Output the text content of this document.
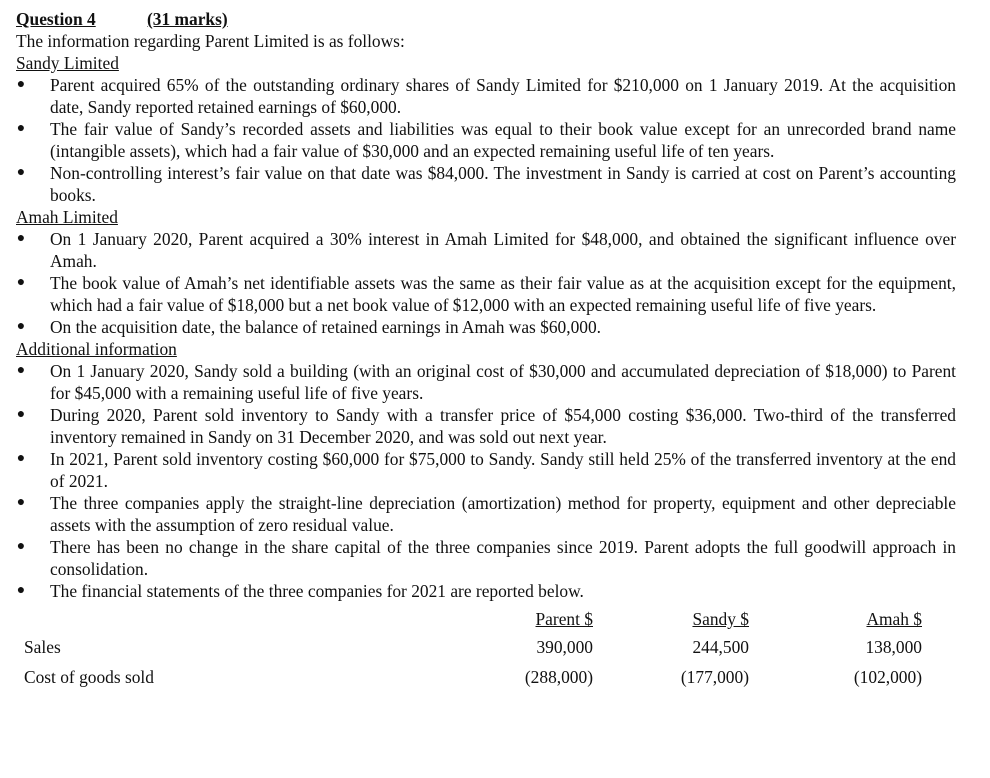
Question 4	(31 marks)
The information regarding Parent Limited is as follows:
Sandy Limited
●
Parent acquired 65% of the outstanding ordinary shares of Sandy Limited for $210,000 on 1 January 2019. At the acquisition date, Sandy reported retained earnings of $60,000.
●
The fair value of Sandy’s recorded assets and liabilities was equal to their book value except for an unrecorded brand name (intangible assets), which had a fair value of $30,000 and an expected remaining useful life of ten years.
●
Non-controlling interest’s fair value on that date was $84,000. The investment in Sandy is carried at cost on Parent’s accounting books.
Amah Limited
●
On 1 January 2020, Parent acquired a 30% interest in Amah Limited for $48,000, and obtained the significant influence over Amah.
●
The book value of Amah’s net identifiable assets was the same as their fair value as at the acquisition except for the equipment, which had a fair value of $18,000 but a net book value of $12,000 with an expected remaining useful life of five years.
●
On the acquisition date, the balance of retained earnings in Amah was $60,000.
Additional information
●
On 1 January 2020, Sandy sold a building (with an original cost of $30,000 and accumulated depreciation of $18,000) to Parent for $45,000 with a remaining useful life of five years.
●
During 2020, Parent sold inventory to Sandy with a transfer price of $54,000 costing $36,000. Two-third of the transferred inventory remained in Sandy on 31 December 2020, and was sold out next year.
●
In 2021, Parent sold inventory costing $60,000 for $75,000 to Sandy. Sandy still held 25% of the transferred inventory at the end of 2021.
●
The three companies apply the straight-line depreciation (amortization) method for property, equipment and other depreciable assets with the assumption of zero residual value.
●
There has been no change in the share capital of the three companies since 2019. Parent adopts the full goodwill approach in consolidation.
●
The financial statements of the three companies for 2021 are reported below.
	Parent $	Sandy $	Amah $
Sales	390,000	244,500	138,000
Cost of goods sold	(288,000)	(177,000)	(102,000)
